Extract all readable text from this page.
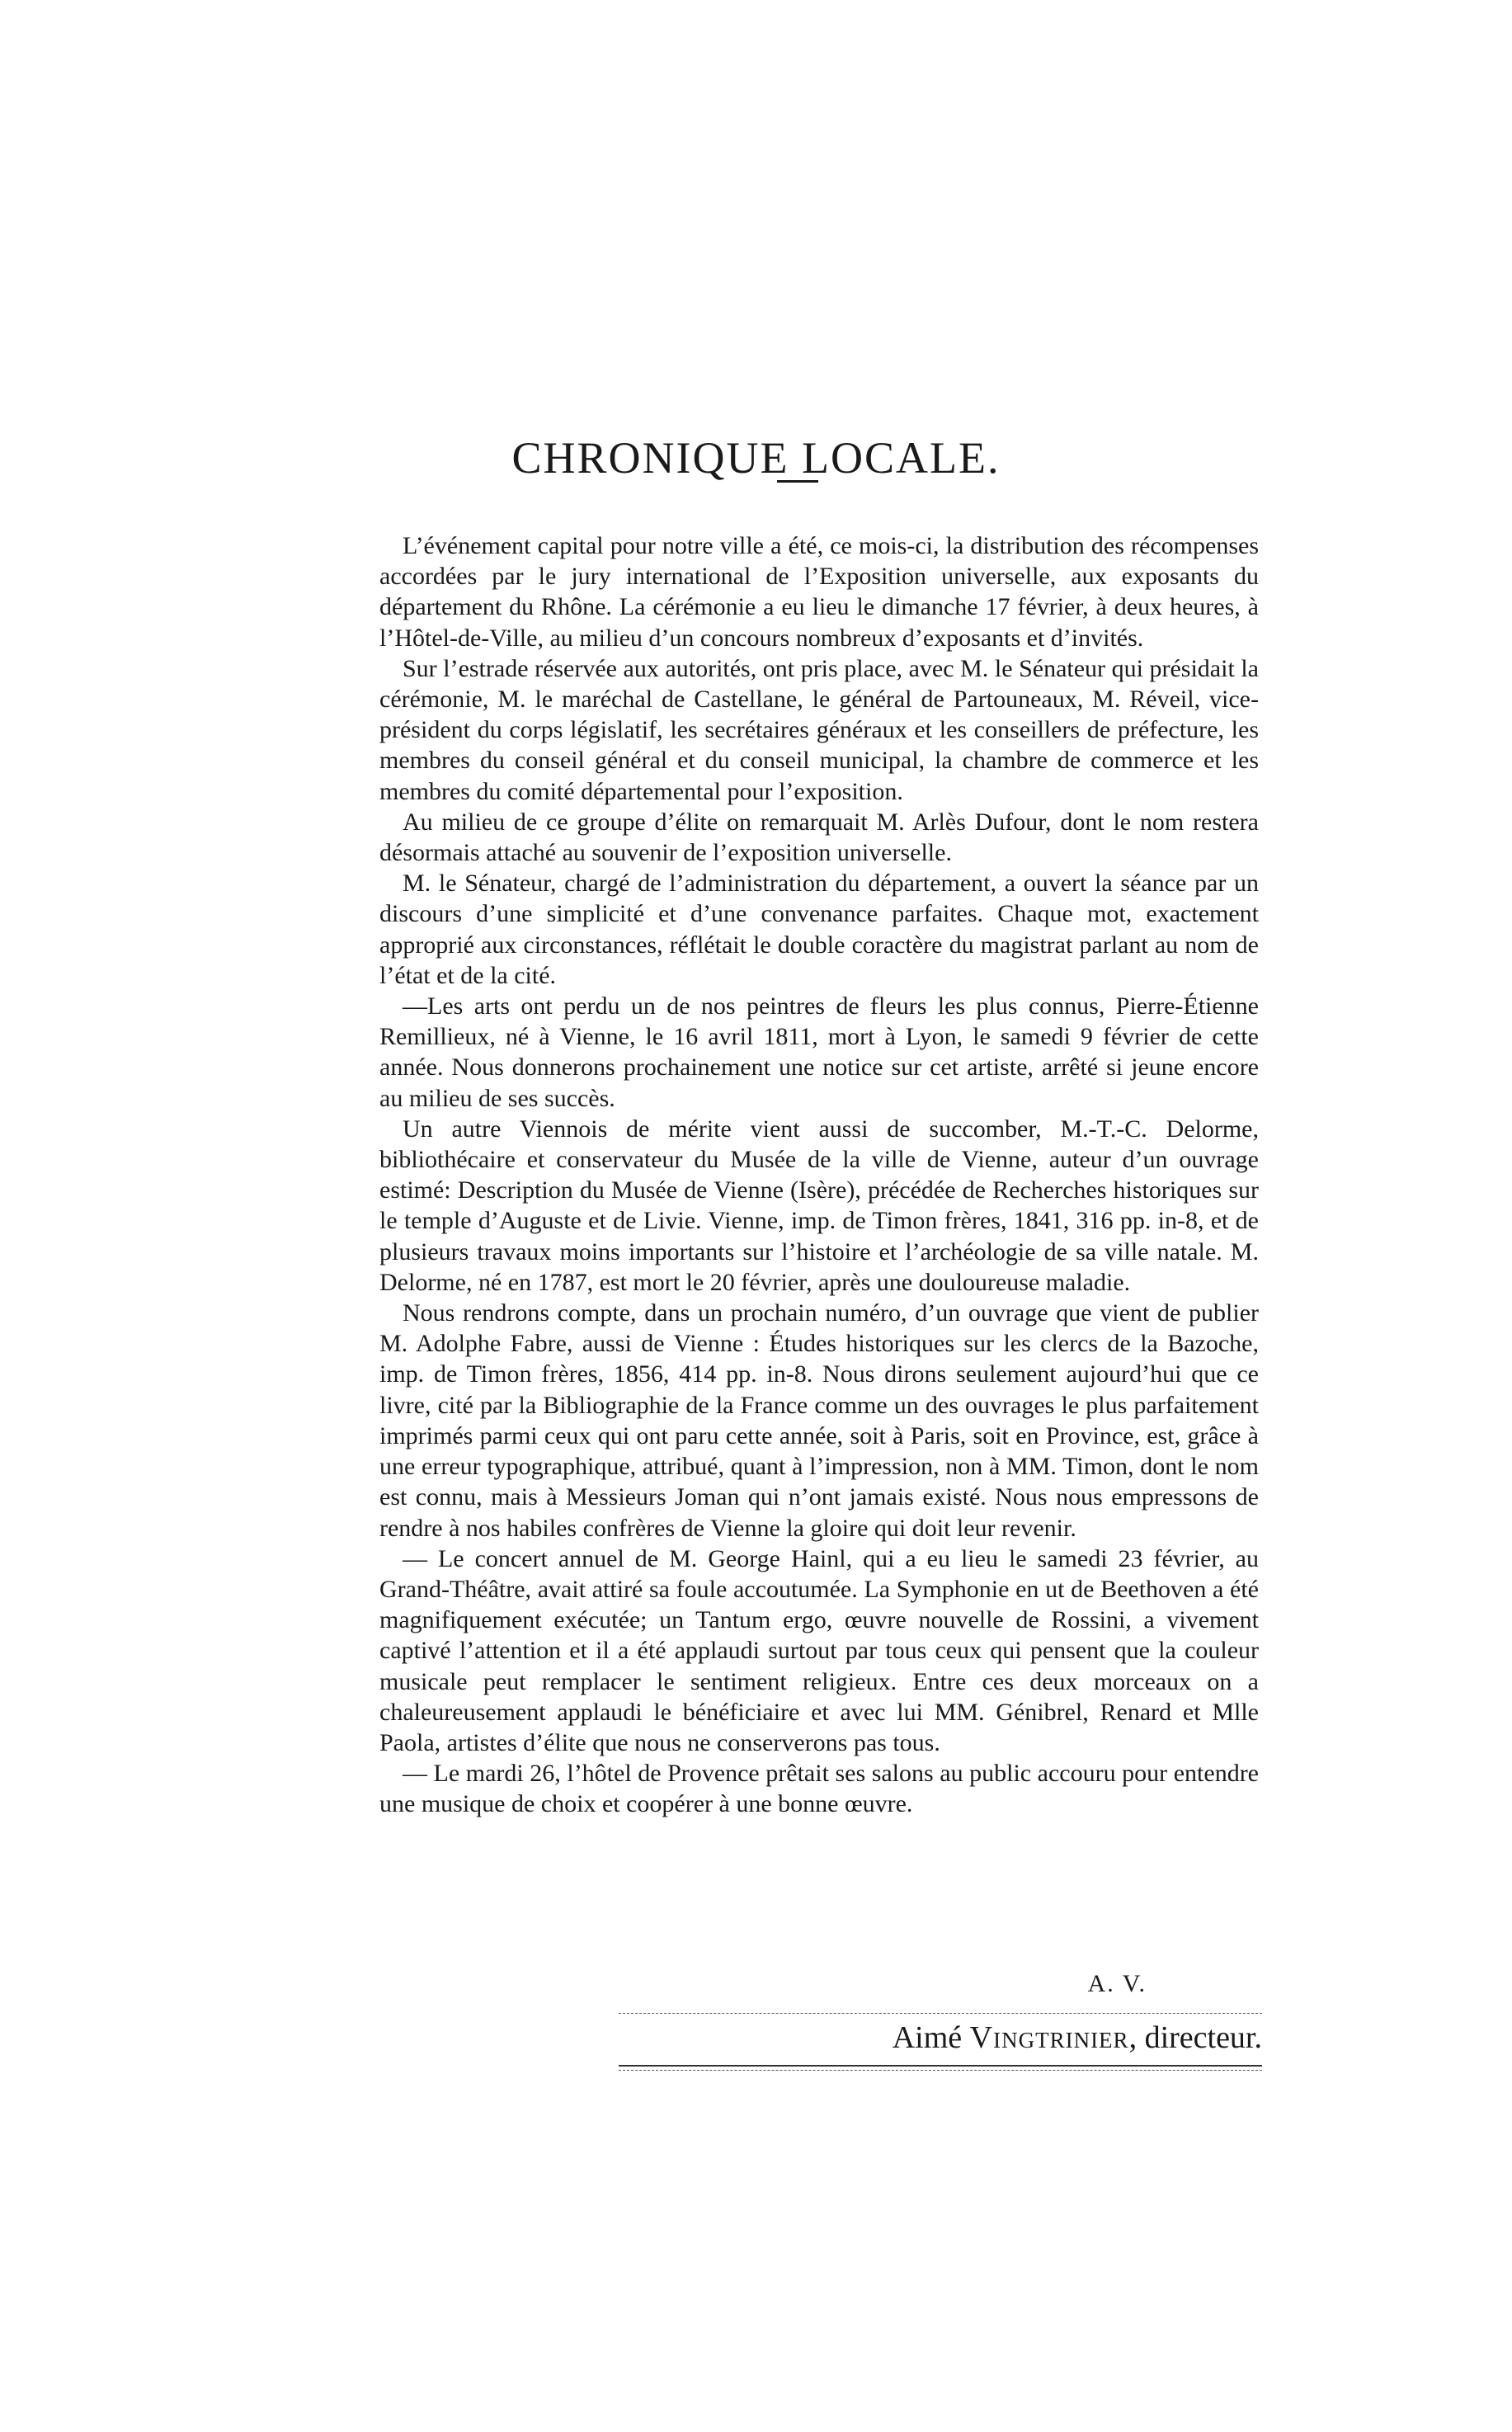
CHRONIQUE LOCALE.

L’événement capital pour notre ville a été, ce mois-ci, la distribution des récompenses accordées par le jury international de l’Exposition universelle, aux exposants du département du Rhône. La cérémonie a eu lieu le dimanche 17 février, à deux heures, à l’Hôtel-de-Ville, au milieu d’un concours nombreux d’exposants et d’invités.

Sur l’estrade réservée aux autorités, ont pris place, avec M. le Sénateur qui présidait la cérémonie, M. le maréchal de Castellane, le général de Partouneaux, M. Réveil, vice-président du corps législatif, les secrétaires généraux et les conseillers de préfecture, les membres du conseil général et du conseil municipal, la chambre de commerce et les membres du comité départemental pour l’exposition.

Au milieu de ce groupe d’élite on remarquait M. Arlès Dufour, dont le nom restera désormais attaché au souvenir de l’exposition universelle.

M. le Sénateur, chargé de l’administration du département, a ouvert la séance par un discours d’une simplicité et d’une convenance parfaites. Chaque mot, exactement approprié aux circonstances, réflétait le double coractère du magistrat parlant au nom de l’état et de la cité.

—Les arts ont perdu un de nos peintres de fleurs les plus connus, Pierre-Étienne Remillieux, né à Vienne, le 16 avril 1811, mort à Lyon, le samedi 9 février de cette année. Nous donnerons prochainement une notice sur cet artiste, arrêté si jeune encore au milieu de ses succès.

Un autre Viennois de mérite vient aussi de succomber, M.-T.-C. Delorme, bibliothécaire et conservateur du Musée de la ville de Vienne, auteur d’un ouvrage estimé: Description du Musée de Vienne (Isère), précédée de Recherches historiques sur le temple d’Auguste et de Livie. Vienne, imp. de Timon frères, 1841, 316 pp. in-8, et de plusieurs travaux moins importants sur l’histoire et l’archéologie de sa ville natale. M. Delorme, né en 1787, est mort le 20 février, après une douloureuse maladie.

Nous rendrons compte, dans un prochain numéro, d’un ouvrage que vient de publier M. Adolphe Fabre, aussi de Vienne : Études historiques sur les clercs de la Bazoche, imp. de Timon frères, 1856, 414 pp. in-8. Nous dirons seulement aujourd’hui que ce livre, cité par la Bibliographie de la France comme un des ouvrages le plus parfaitement imprimés parmi ceux qui ont paru cette année, soit à Paris, soit en Province, est, grâce à une erreur typographique, attribué, quant à l’impression, non à MM. Timon, dont le nom est connu, mais à Messieurs Joman qui n’ont jamais existé. Nous nous empressons de rendre à nos habiles confrères de Vienne la gloire qui doit leur revenir.

— Le concert annuel de M. George Hainl, qui a eu lieu le samedi 23 février, au Grand-Théâtre, avait attiré sa foule accoutumée. La Symphonie en ut de Beethoven a été magnifiquement exécutée; un Tantum ergo, œuvre nouvelle de Rossini, a vivement captivé l’attention et il a été applaudi surtout par tous ceux qui pensent que la couleur musicale peut remplacer le sentiment religieux. Entre ces deux morceaux on a chaleureusement applaudi le bénéficiaire et avec lui MM. Génibrel, Renard et Mlle Paola, artistes d’élite que nous ne conserverons pas tous.

— Le mardi 26, l’hôtel de Provence prêtait ses salons au public accouru pour entendre une musique de choix et coopérer à une bonne œuvre.

A. V.
Aimé Vingtrinier, directeur.
